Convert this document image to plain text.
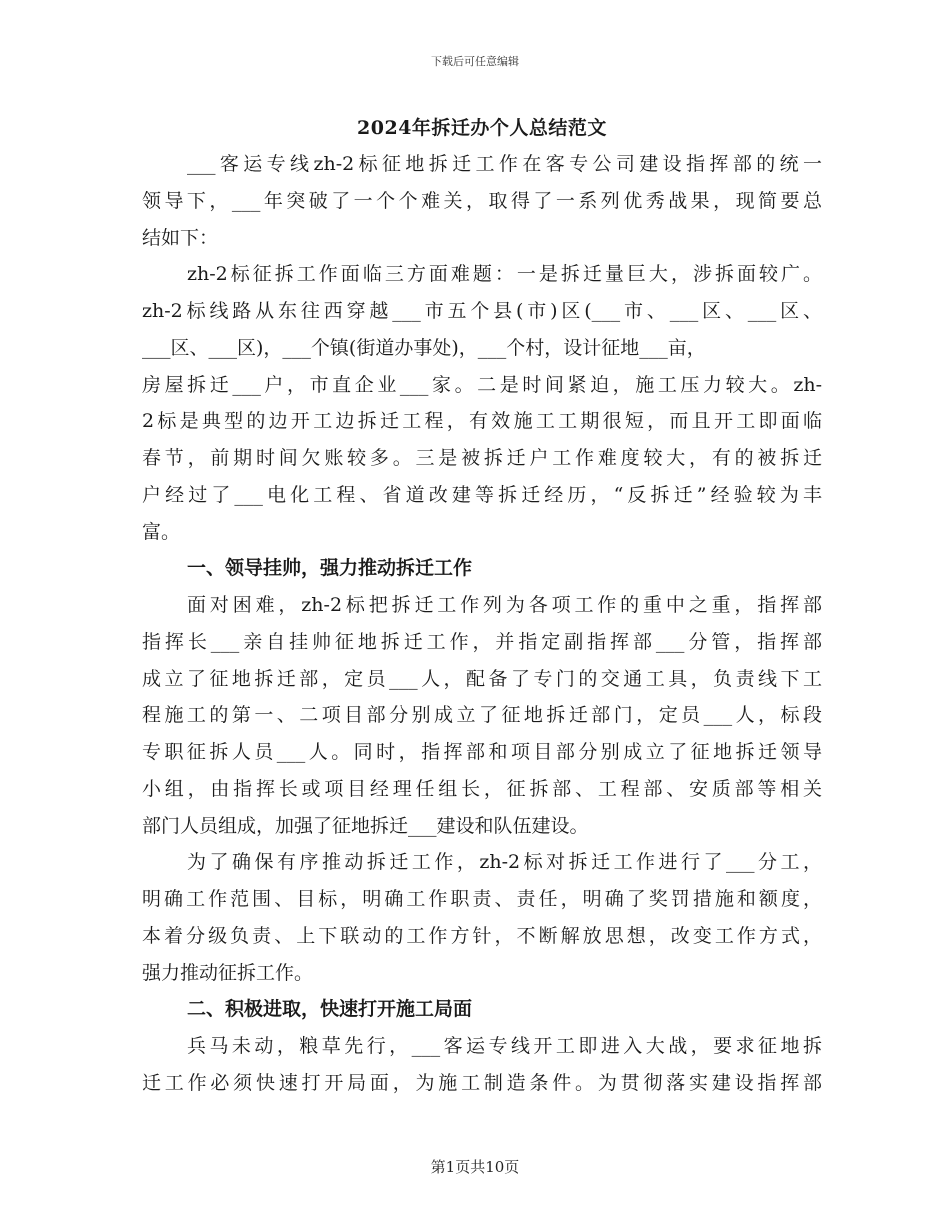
下载后可任意编辑
2024年拆迁办个人总结范文
___客运专线zh-2标征地拆迁工作在客专公司建设指挥部的统一
领导下，___年突破了一个个难关，取得了一系列优秀战果，现简要总
结如下：
zh-2标征拆工作面临三方面难题：一是拆迁量巨大，涉拆面较广。
zh-2标线路从东往西穿越___市五个县(市)区(___市、___区、___区、
___区、___区)，___个镇(街道办事处)，___个村，设计征地___亩，
房屋拆迁___户，市直企业___家。二是时间紧迫，施工压力较大。zh-
2标是典型的边开工边拆迁工程，有效施工工期很短，而且开工即面临
春节，前期时间欠账较多。三是被拆迁户工作难度较大，有的被拆迁
户经过了___电化工程、省道改建等拆迁经历，“反拆迁”经验较为丰
富。
一、领导挂帅，强力推动拆迁工作
面对困难，zh-2标把拆迁工作列为各项工作的重中之重，指挥部
指挥长___亲自挂帅征地拆迁工作，并指定副指挥部___分管，指挥部
成立了征地拆迁部，定员___人，配备了专门的交通工具，负责线下工
程施工的第一、二项目部分别成立了征地拆迁部门，定员___人，标段
专职征拆人员___人。同时，指挥部和项目部分别成立了征地拆迁领导
小组，由指挥长或项目经理任组长，征拆部、工程部、安质部等相关
部门人员组成，加强了征地拆迁___建设和队伍建设。
为了确保有序推动拆迁工作，zh-2标对拆迁工作进行了___分工，
明确工作范围、目标，明确工作职责、责任，明确了奖罚措施和额度，
本着分级负责、上下联动的工作方针，不断解放思想，改变工作方式，
强力推动征拆工作。
二、积极进取，快速打开施工局面
兵马未动，粮草先行，___客运专线开工即进入大战，要求征地拆
迁工作必须快速打开局面，为施工制造条件。为贯彻落实建设指挥部
第1页共10页
